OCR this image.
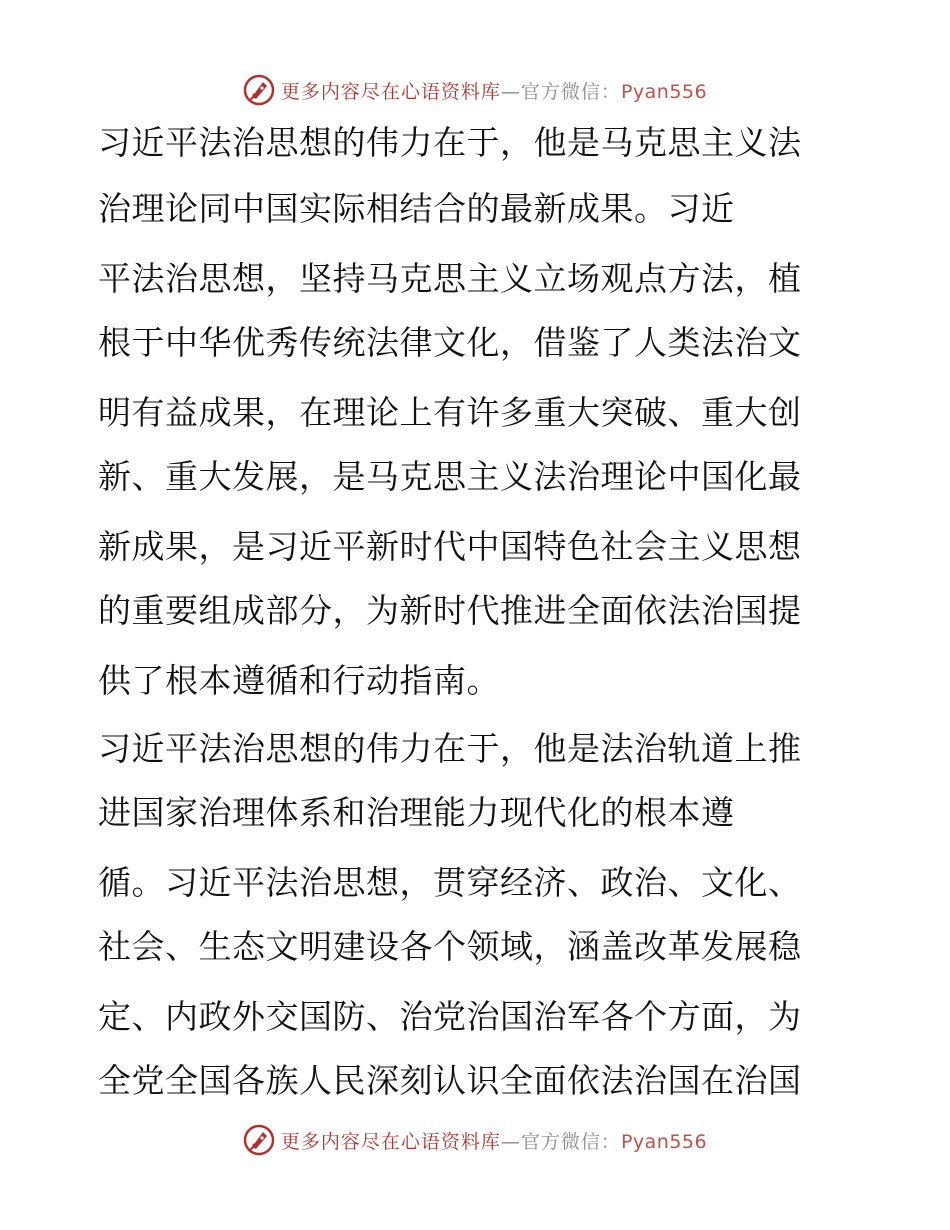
更多内容尽在心语资料库—官方微信：Pyan556
习近平法治思想的伟力在于，他是马克思主义法
治理论同中国实际相结合的最新成果。习近
平法治思想，坚持马克思主义立场观点方法，植
根于中华优秀传统法律文化，借鉴了人类法治文
明有益成果，在理论上有许多重大突破、重大创
新、重大发展，是马克思主义法治理论中国化最
新成果，是习近平新时代中国特色社会主义思想
的重要组成部分，为新时代推进全面依法治国提
供了根本遵循和行动指南。
习近平法治思想的伟力在于，他是法治轨道上推
进国家治理体系和治理能力现代化的根本遵
循。习近平法治思想，贯穿经济、政治、文化、
社会、生态文明建设各个领域，涵盖改革发展稳
定、内政外交国防、治党治国治军各个方面，为
全党全国各族人民深刻认识全面依法治国在治国
更多内容尽在心语资料库—官方微信：Pyan556
